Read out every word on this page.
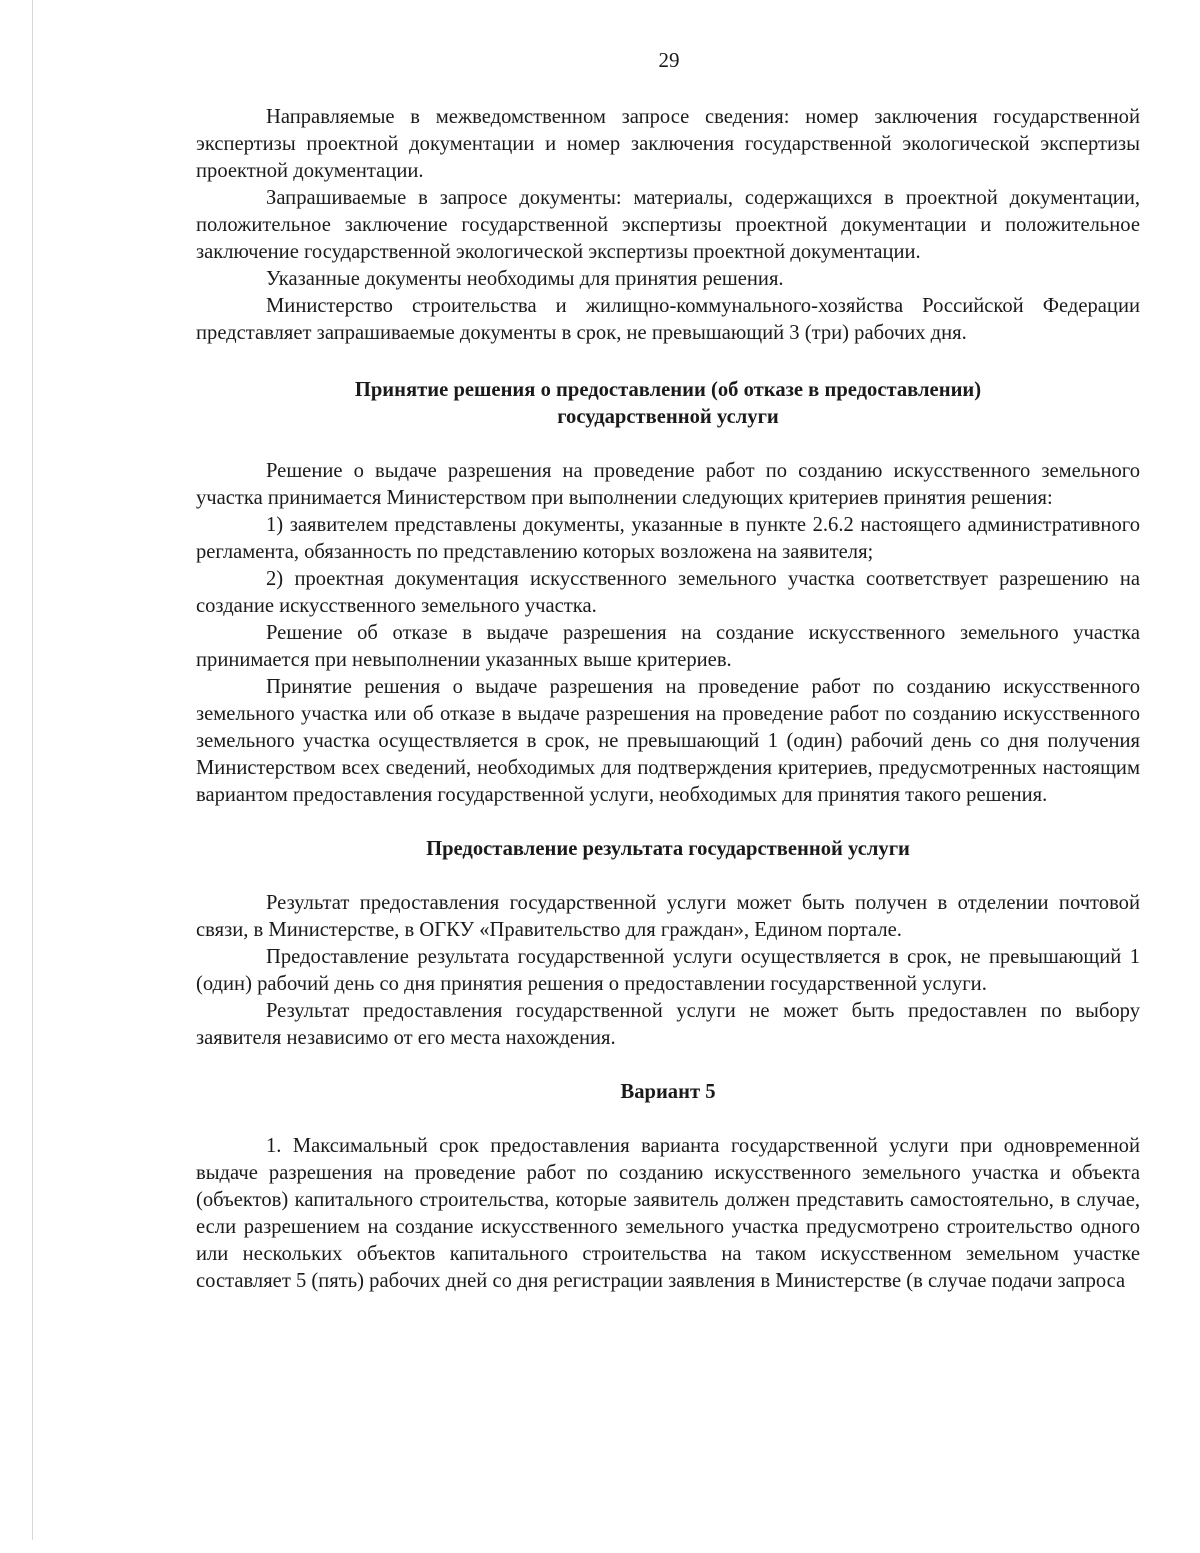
29

Направляемые в межведомственном запросе сведения: номер заключения государственной экспертизы проектной документации и номер заключения государственной экологической экспертизы проектной документации.

Запрашиваемые в запросе документы: материалы, содержащихся в проектной документации, положительное заключение государственной экспертизы проектной документации и положительное заключение государственной экологической экспертизы проектной документации.

Указанные документы необходимы для принятия решения.

Министерство строительства и жилищно-коммунального-хозяйства Российской Федерации представляет запрашиваемые документы в срок, не превышающий 3 (три) рабочих дня.

Принятие решения о предоставлении (об отказе в предоставлении)
государственной услуги

Решение о выдаче разрешения на проведение работ по созданию искусственного земельного участка принимается Министерством при выполнении следующих критериев принятия решения:

1) заявителем представлены документы, указанные в пункте 2.6.2 настоящего административного регламента, обязанность по представлению которых возложена на заявителя;

2) проектная документация искусственного земельного участка соответствует разрешению на создание искусственного земельного участка.

Решение об отказе в выдаче разрешения на создание искусственного земельного участка принимается при невыполнении указанных выше критериев.

Принятие решения о выдаче разрешения на проведение работ по созданию искусственного земельного участка или об отказе в выдаче разрешения на проведение работ по созданию искусственного земельного участка осуществляется в срок, не превышающий 1 (один) рабочий день со дня получения Министерством всех сведений, необходимых для подтверждения критериев, предусмотренных настоящим вариантом предоставления государственной услуги, необходимых для принятия такого решения.

Предоставление результата государственной услуги

Результат предоставления государственной услуги может быть получен в отделении почтовой связи, в Министерстве, в ОГКУ «Правительство для граждан», Едином портале.

Предоставление результата государственной услуги осуществляется в срок, не превышающий 1 (один) рабочий день со дня принятия решения о предоставлении государственной услуги.

Результат предоставления государственной услуги не может быть предоставлен по выбору заявителя независимо от его места нахождения.

Вариант 5

1. Максимальный срок предоставления варианта государственной услуги при одновременной выдаче разрешения на проведение работ по созданию искусственного земельного участка и объекта (объектов) капитального строительства, которые заявитель должен представить самостоятельно, в случае, если разрешением на создание искусственного земельного участка предусмотрено строительство одного или нескольких объектов капитального строительства на таком искусственном земельном участке составляет 5 (пять) рабочих дней со дня регистрации заявления в Министерстве (в случае подачи запроса
